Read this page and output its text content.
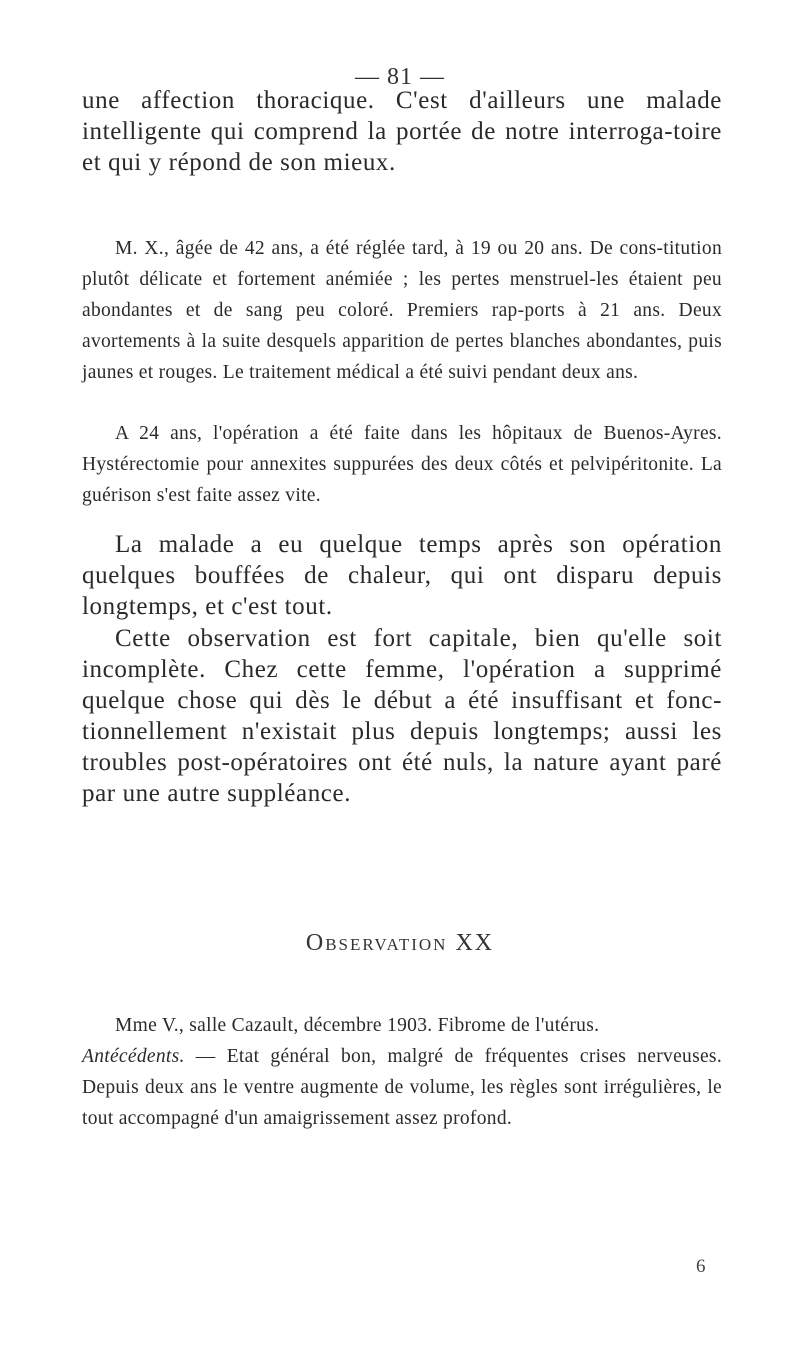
— 81 —

une affection thoracique. C'est d'ailleurs une malade intelligente qui comprend la portée de notre interroga-toire et qui y répond de son mieux.

M. X., âgée de 42 ans, a été réglée tard, à 19 ou 20 ans. De cons-titution plutôt délicate et fortement anémiée ; les pertes menstruel-les étaient peu abondantes et de sang peu coloré. Premiers rap-ports à 21 ans. Deux avortements à la suite desquels apparition de pertes blanches abondantes, puis jaunes et rouges. Le traitement médical a été suivi pendant deux ans.

A 24 ans, l'opération a été faite dans les hôpitaux de Buenos-Ayres. Hystérectomie pour annexites suppurées des deux côtés et pelvipéritonite. La guérison s'est faite assez vite.

La malade a eu quelque temps après son opération quelques bouffées de chaleur, qui ont disparu depuis longtemps, et c'est tout.

Cette observation est fort capitale, bien qu'elle soit incomplète. Chez cette femme, l'opération a supprimé quelque chose qui dès le début a été insuffisant et fonc-tionnellement n'existait plus depuis longtemps; aussi les troubles post-opératoires ont été nuls, la nature ayant paré par une autre suppléance.

Observation XX

Mme V., salle Cazault, décembre 1903. Fibrome de l'utérus.
Antécédents. — Etat général bon, malgré de fréquentes crises nerveuses. Depuis deux ans le ventre augmente de volume, les règles sont irrégulières, le tout accompagné d'un amaigrissement assez profond.

6
